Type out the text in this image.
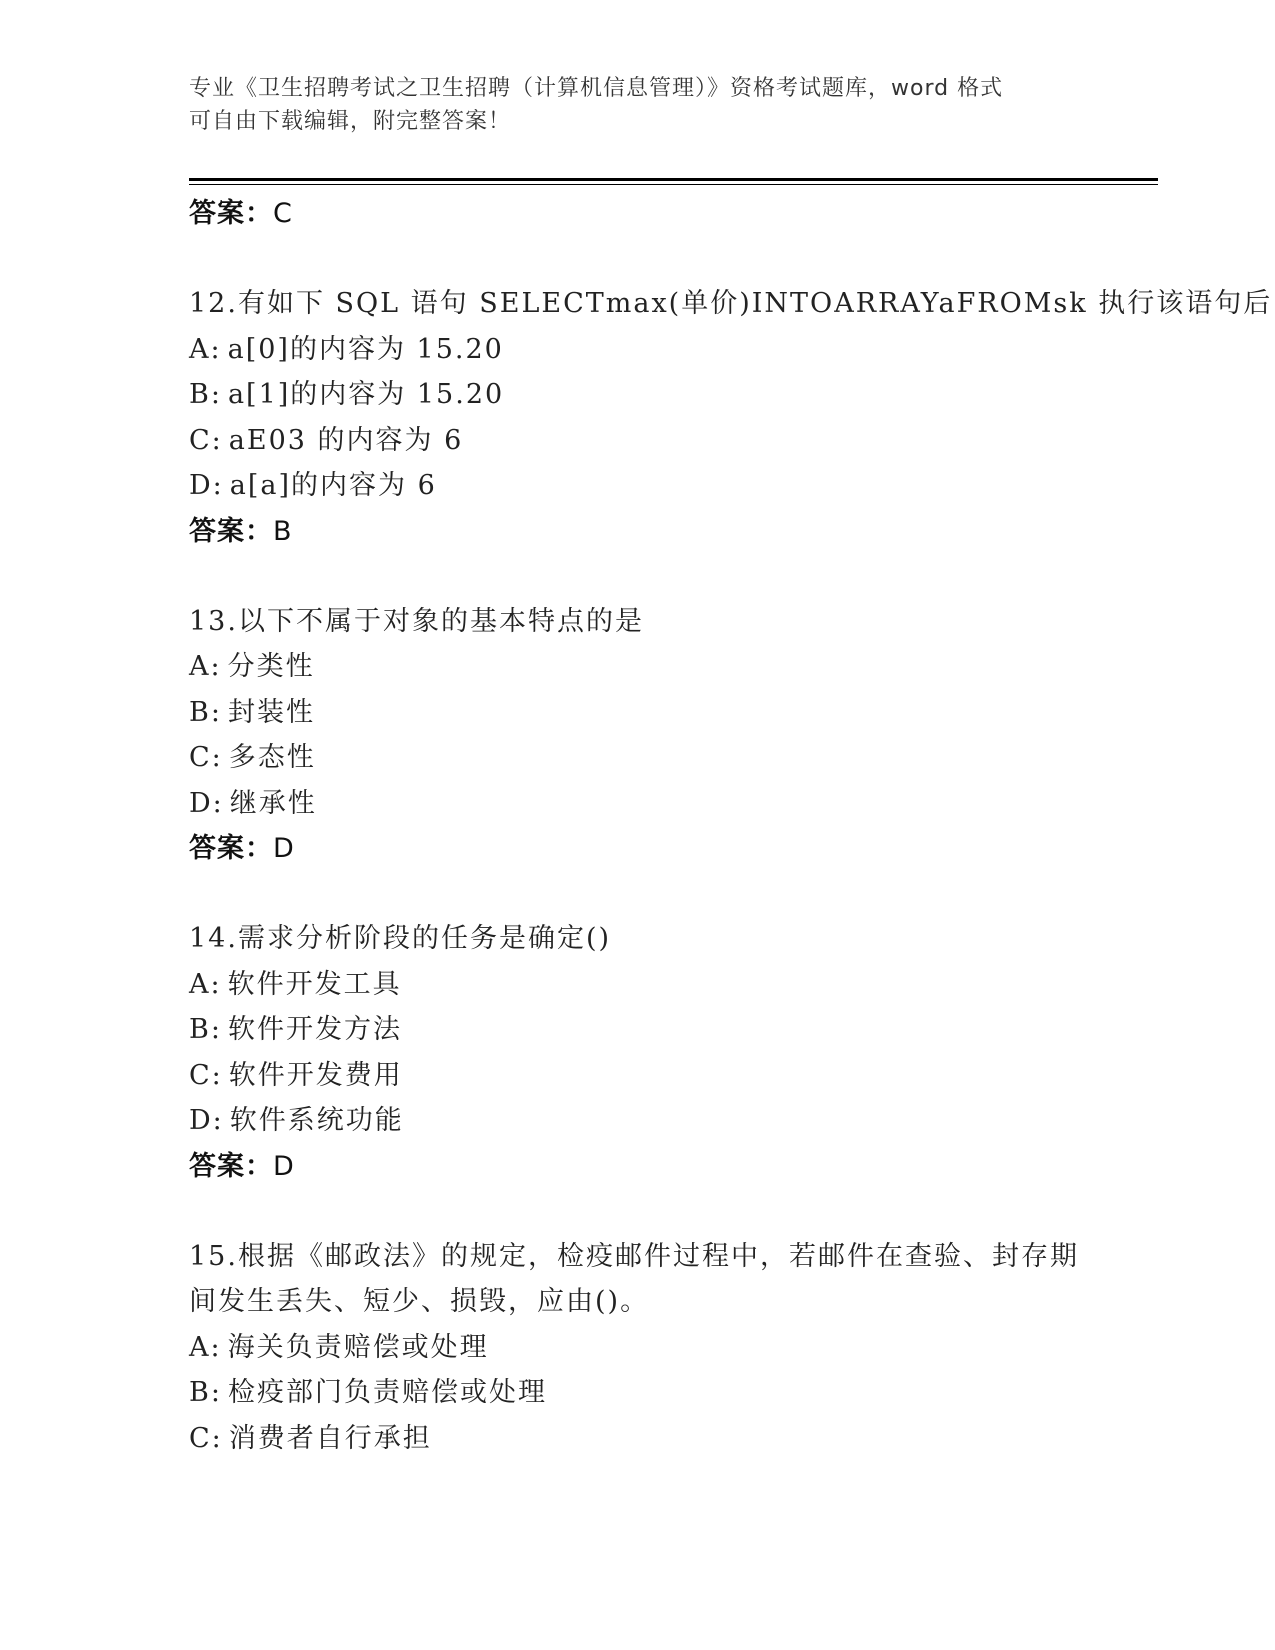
专业《卫生招聘考试之卫生招聘（计算机信息管理）》资格考试题库，word 格式
可自由下载编辑，附完整答案！
答案：C
12.有如下 SQL 语句 SELECTmax(单价)INTOARRAYaFROMsk 执行该语句后
A: a[0]的内容为 15.20
B: a[1]的内容为 15.20
C: aE03 的内容为 6
D: a[a]的内容为 6
答案：B
13.以下不属于对象的基本特点的是
A: 分类性
B: 封装性
C: 多态性
D: 继承性
答案：D
14.需求分析阶段的任务是确定()
A: 软件开发工具
B: 软件开发方法
C: 软件开发费用
D: 软件系统功能
答案：D
15.根据《邮政法》的规定，检疫邮件过程中，若邮件在查验、封存期
间发生丢失、短少、损毁，应由()。
A: 海关负责赔偿或处理
B: 检疫部门负责赔偿或处理
C: 消费者自行承担
